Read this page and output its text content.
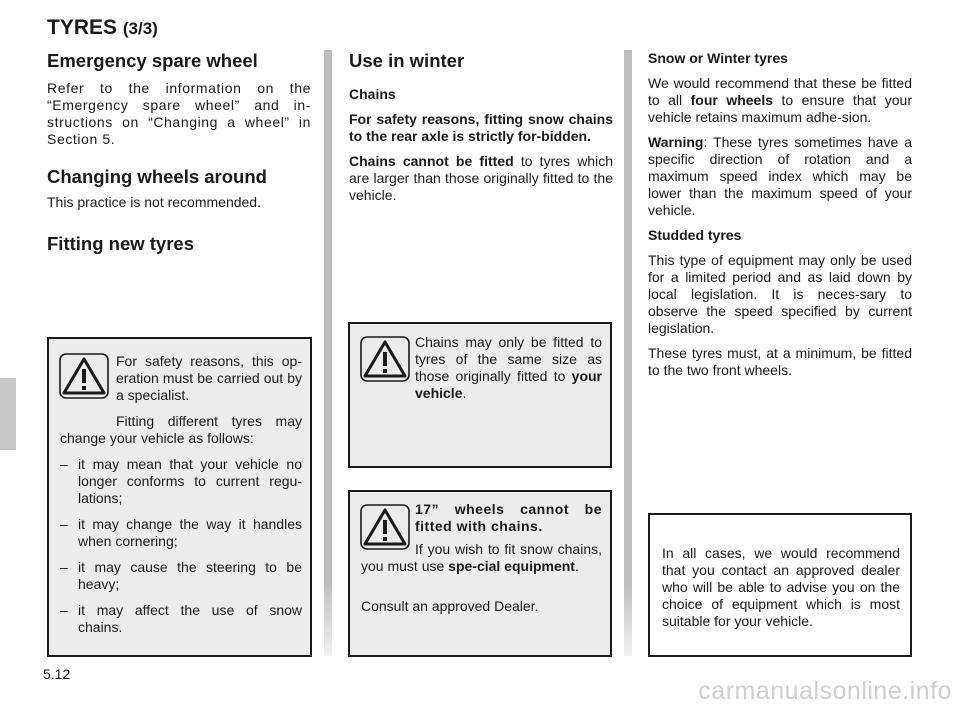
TYRES (3/3)
Emergency spare wheel

Refer to the information on the “Emergency spare wheel” and in-structions on “Changing a wheel” in Section 5.

Changing wheels around

This practice is not recommended.

Fitting new tyres

For safety reasons, this op-eration must be carried out by a specialist.

Fitting different tyres may change your vehicle as follows:

– it may mean that your vehicle no longer conforms to current regu-lations;
– it may change the way it handles when cornering;
– it may cause the steering to be heavy;
– it may affect the use of snow chains.
Use in winter

Chains

For safety reasons, fitting snow chains to the rear axle is strictly for-bidden.

Chains cannot be fitted to tyres which are larger than those originally fitted to the vehicle.

Chains may only be fitted to tyres of the same size as those originally fitted to your vehicle.

17” wheels cannot be fitted with chains.

If you wish to fit snow chains, you must use spe-cial equipment.

Consult an approved Dealer.

Snow or Winter tyres

We would recommend that these be fitted to all four wheels to ensure that your vehicle retains maximum adhe-sion.

Warning: These tyres sometimes have a specific direction of rotation and a maximum speed index which may be lower than the maximum speed of your vehicle.

Studded tyres

This type of equipment may only be used for a limited period and as laid down by local legislation. It is neces-sary to observe the speed specified by current legislation.

These tyres must, at a minimum, be fitted to the two front wheels.

In all cases, we would recommend that you contact an approved dealer who will be able to advise you on the choice of equipment which is most suitable for your vehicle.

5.12
carmanualsonline.info
